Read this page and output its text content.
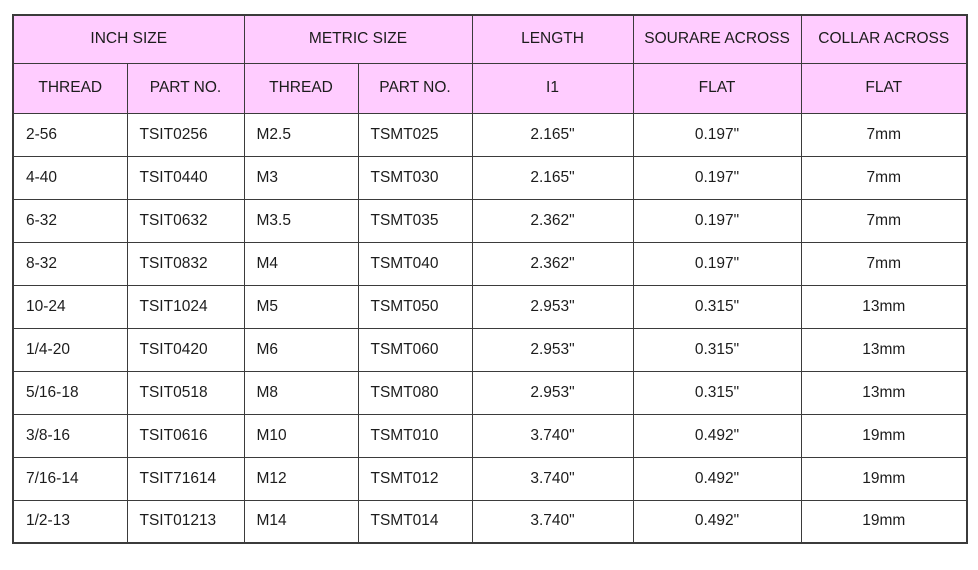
INCH SIZE		METRIC SIZE		LENGTH	SOURARE ACROSS	COLLAR ACROSS
THREAD	PART NO.	THREAD	PART NO.	I1	FLAT	FLAT
2-56	TSIT0256	M2.5	TSMT025	2.165"	0.197"	7mm
4-40	TSIT0440	M3	TSMT030	2.165"	0.197"	7mm
6-32	TSIT0632	M3.5	TSMT035	2.362"	0.197"	7mm
8-32	TSIT0832	M4	TSMT040	2.362"	0.197"	7mm
10-24	TSIT1024	M5	TSMT050	2.953"	0.315"	13mm
1/4-20	TSIT0420	M6	TSMT060	2.953"	0.315"	13mm
5/16-18	TSIT0518	M8	TSMT080	2.953"	0.315"	13mm
3/8-16	TSIT0616	M10	TSMT010	3.740"	0.492"	19mm
7/16-14	TSIT71614	M12	TSMT012	3.740"	0.492"	19mm
1/2-13	TSIT01213	M14	TSMT014	3.740"	0.492"	19mm
